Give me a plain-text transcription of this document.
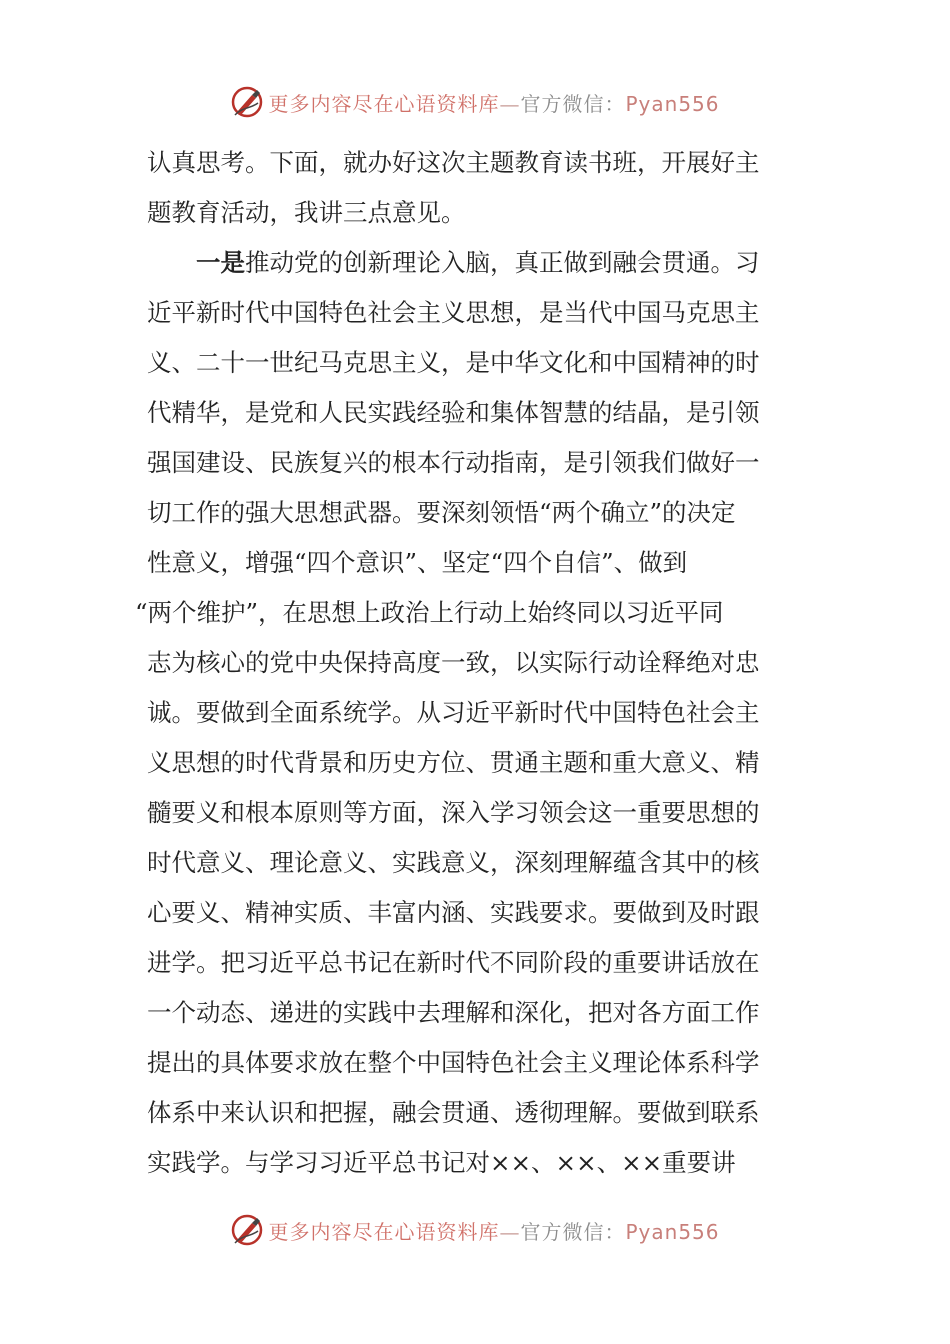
更多内容尽在心语资料库—官方微信：Pyan556
认真思考。下面，就办好这次主题教育读书班，开展好主
题教育活动，我讲三点意见。
一是推动党的创新理论入脑，真正做到融会贯通。习
近平新时代中国特色社会主义思想，是当代中国马克思主
义、二十一世纪马克思主义，是中华文化和中国精神的时
代精华，是党和人民实践经验和集体智慧的结晶，是引领
强国建设、民族复兴的根本行动指南，是引领我们做好一
切工作的强大思想武器。要深刻领悟“两个确立”的决定
性意义，增强“四个意识”、坚定“四个自信”、做到
“两个维护”，在思想上政治上行动上始终同以习近平同
志为核心的党中央保持高度一致，以实际行动诠释绝对忠
诚。要做到全面系统学。从习近平新时代中国特色社会主
义思想的时代背景和历史方位、贯通主题和重大意义、精
髓要义和根本原则等方面，深入学习领会这一重要思想的
时代意义、理论意义、实践意义，深刻理解蕴含其中的核
心要义、精神实质、丰富内涵、实践要求。要做到及时跟
进学。把习近平总书记在新时代不同阶段的重要讲话放在
一个动态、递进的实践中去理解和深化，把对各方面工作
提出的具体要求放在整个中国特色社会主义理论体系科学
体系中来认识和把握，融会贯通、透彻理解。要做到联系
实践学。与学习习近平总书记对××、××、××重要讲
更多内容尽在心语资料库—官方微信：Pyan556
